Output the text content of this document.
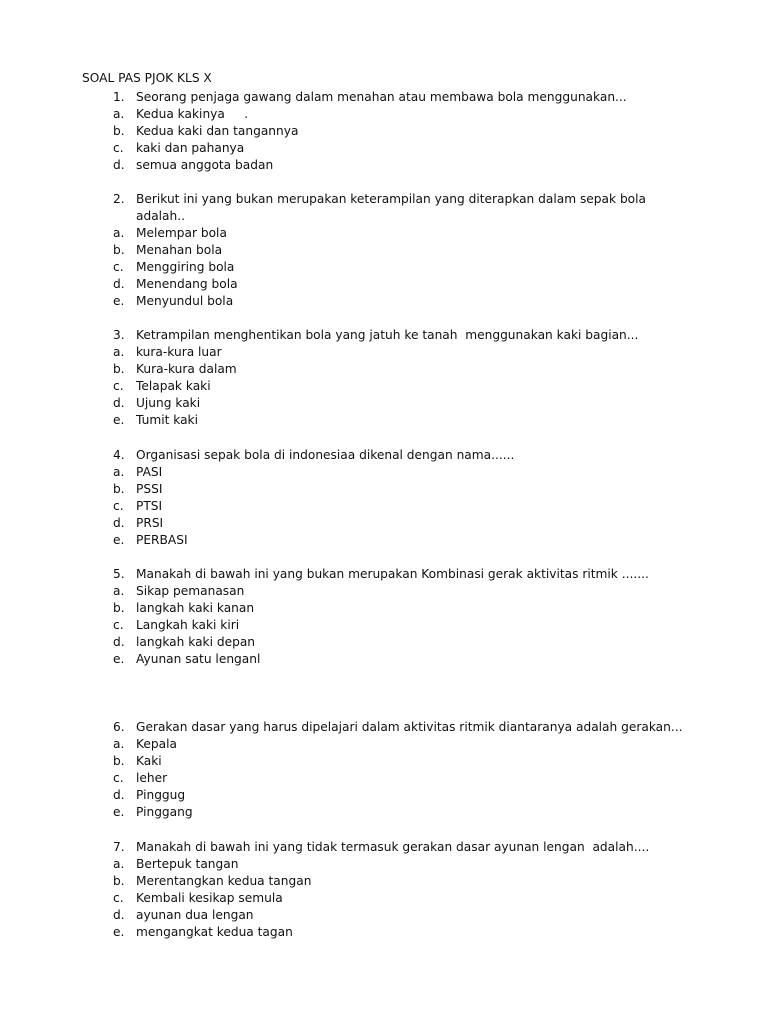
SOAL PAS PJOK KLS X
1. Seorang penjaga gawang dalam menahan atau membawa bola menggunakan...
a. Kedua kakinya     .
b. Kedua kaki dan tangannya
c. kaki dan pahanya
d. semua anggota badan
2. Berikut ini yang bukan merupakan keterampilan yang diterapkan dalam sepak bola
adalah..
a. Melempar bola
b. Menahan bola
c. Menggiring bola
d. Menendang bola
e. Menyundul bola
3. Ketrampilan menghentikan bola yang jatuh ke tanah  menggunakan kaki bagian...
a. kura-kura luar
b. Kura-kura dalam
c. Telapak kaki
d. Ujung kaki
e. Tumit kaki
4. Organisasi sepak bola di indonesiaa dikenal dengan nama......
a. PASI
b. PSSI
c. PTSI
d. PRSI
e. PERBASI
5. Manakah di bawah ini yang bukan merupakan Kombinasi gerak aktivitas ritmik .......
a. Sikap pemanasan
b. langkah kaki kanan
c. Langkah kaki kiri
d. langkah kaki depan
e. Ayunan satu lenganl
6. Gerakan dasar yang harus dipelajari dalam aktivitas ritmik diantaranya adalah gerakan...
a. Kepala
b. Kaki
c. leher
d. Pinggug
e. Pinggang
7. Manakah di bawah ini yang tidak termasuk gerakan dasar ayunan lengan  adalah....
a. Bertepuk tangan
b. Merentangkan kedua tangan
c. Kembali kesikap semula
d. ayunan dua lengan
e. mengangkat kedua tagan
